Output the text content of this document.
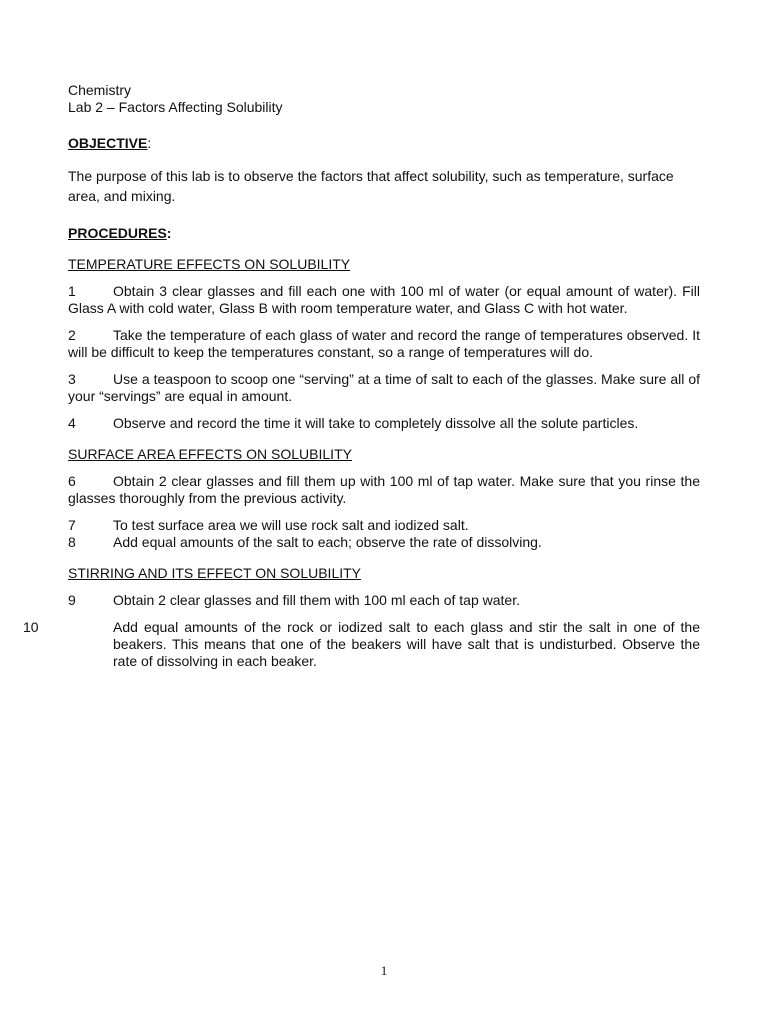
Chemistry
Lab 2 – Factors Affecting Solubility
OBJECTIVE:
The purpose of this lab is to observe the factors that affect solubility, such as temperature, surface area, and mixing.
PROCEDURES:
TEMPERATURE EFFECTS ON SOLUBILITY
1	Obtain 3 clear glasses and fill each one with 100 ml of water (or equal amount of water). Fill Glass A with cold water, Glass B with room temperature water, and Glass C with hot water.
2	Take the temperature of each glass of water and record the range of temperatures observed. It will be difficult to keep the temperatures constant, so a range of temperatures will do.
3	Use a teaspoon to scoop one “serving” at a time of salt to each of the glasses. Make sure all of your “servings” are equal in amount.
4	Observe and record the time it will take to completely dissolve all the solute particles.
SURFACE AREA EFFECTS ON SOLUBILITY
6	Obtain 2 clear glasses and fill them up with 100 ml of tap water. Make sure that you rinse the glasses thoroughly from the previous activity.
7	To test surface area we will use rock salt and iodized salt.
8	Add equal amounts of the salt to each; observe the rate of dissolving.
STIRRING AND ITS EFFECT ON SOLUBILITY
9	Obtain 2 clear glasses and fill them with 100 ml each of tap water.
10	Add equal amounts of the rock or iodized salt to each glass and stir the salt in one of the beakers. This means that one of the beakers will have salt that is undisturbed. Observe the rate of dissolving in each beaker.
1
